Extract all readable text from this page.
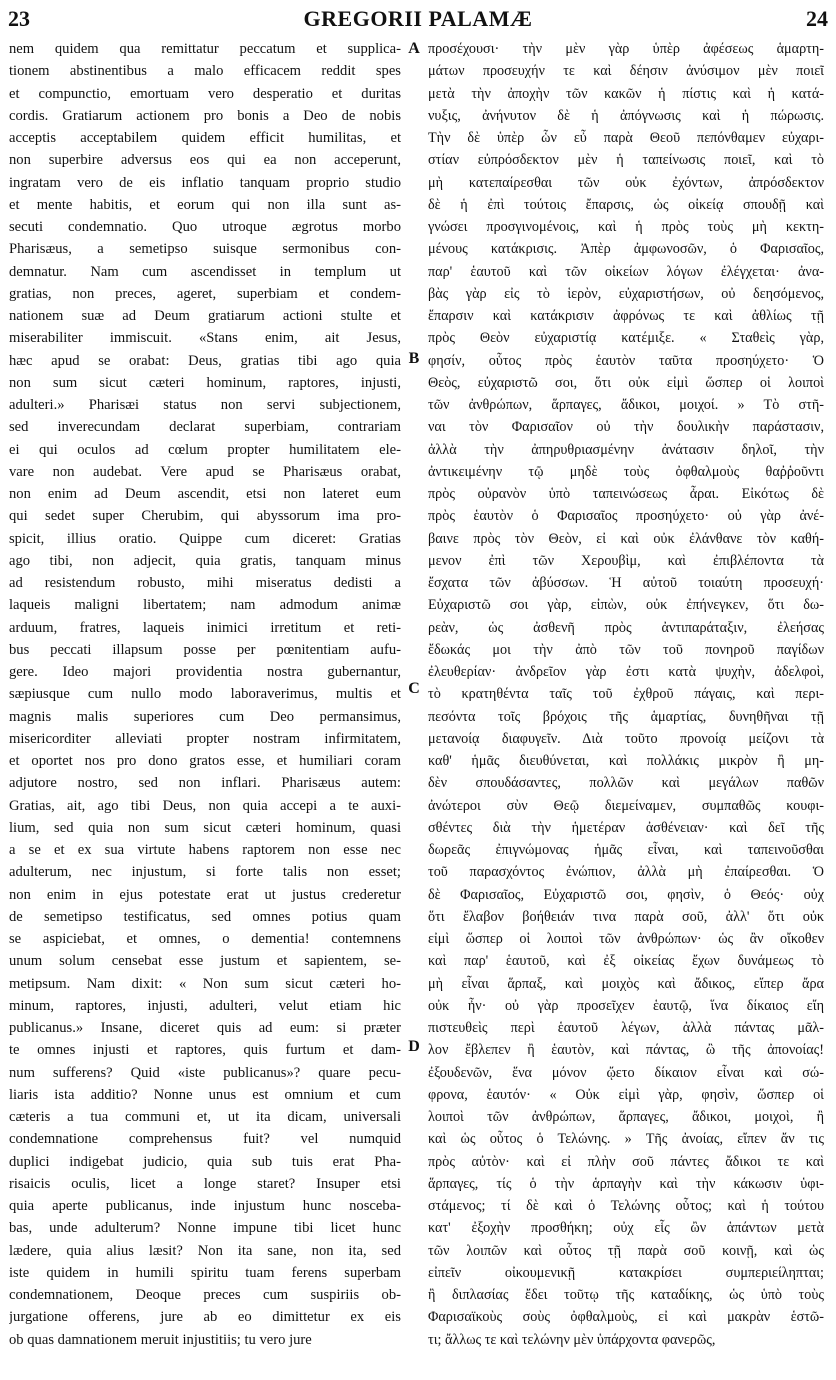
23	GREGORII PALAMÆ	24
nem quidem qua remittatur peccatum et supplica-
tionem abstinentibus a malo efficacem reddit spes
et compunctio, emortuam vero desperatio et duritas
cordis. Gratiarum actionem pro bonis a Deo de nobis
acceptis acceptabilem quidem efficit humilitas, et
non superbire adversus eos qui ea non acceperunt,
ingratam vero de eis inflatio tanquam proprio studio
et mente habitis, et eorum qui non illa sunt as-
secuti condemnatio. Quo utroque ægrotus morbo
Pharisæus, a semetipso suisque sermonibus con-
demnatur. Nam cum ascendisset in templum ut
gratias, non preces, ageret, superbiam et condem-
nationem suæ ad Deum gratiarum actioni stulte et
miserabiliter immiscuit. «Stans enim, ait Jesus,
hæc apud se orabat: Deus, gratias tibi ago quia
non sum sicut cæteri hominum, raptores, injusti,
adulteri.» Pharisæi status non servi subjectionem,
sed inverecundam declarat superbiam, contrariam
ei qui oculos ad cœlum propter humilitatem ele-
vare non audebat. Vere apud se Pharisæus orabat,
non enim ad Deum ascendit, etsi non lateret eum
qui sedet super Cherubim, qui abyssorum ima pro-
spicit, illius oratio. Quippe cum diceret: Gratias
ago tibi, non adjecit, quia gratis, tanquam minus
ad resistendum robusto, mihi miseratus dedisti a
laqueis maligni libertatem; nam admodum animæ
arduum, fratres, laqueis inimici irretitum et reti-
bus peccati illapsum posse per pœnitentiam aufu-
gere. Ideo majori providentia nostra gubernantur,
sæpiusque cum nullo modo laboraverimus, multis et
magnis malis superiores cum Deo permansimus,
misericorditer alleviati propter nostram infirmitatem,
et oportet nos pro dono gratos esse, et humiliari coram
adjutore nostro, sed non inflari. Pharisæus autem:
Gratias, ait, ago tibi Deus, non quia accepi a te auxi-
lium, sed quia non sum sicut cæteri hominum, quasi
a se et ex sua virtute habens raptorem non esse nec
adulterum, nec injustum, si forte talis non esset;
non enim in ejus potestate erat ut justus crederetur
de semetipso testificatus, sed omnes potius quam
se aspiciebat, et omnes, o dementia! contemnens
unum solum censebat esse justum et sapientem, se-
metipsum. Nam dixit: « Non sum sicut cæteri ho-
minum, raptores, injusti, adulteri, velut etiam hic
publicanus.» Insane, diceret quis ad eum: si præter
te omnes injusti et raptores, quis furtum et dam-
num sufferens? Quid «iste publicanus»? quare pecu-
liaris ista additio? Nonne unus est omnium et cum
cæteris a tua communi et, ut ita dicam, universali
condemnatione comprehensus fuit? vel numquid
duplici indigebat judicio, quia sub tuis erat Pha-
risaicis oculis, licet a longe staret? Insuper etsi
quia aperte publicanus, inde injustum hunc nosceba-
bas, unde adulterum? Nonne impune tibi licet hunc
lædere, quia alius læsit? Non ita sane, non ita, sed
iste quidem in humili spiritu tuam ferens superbam
condemnationem, Deoque preces cum suspiriis ob-
jurgatione offerens, jure ab eo dimittetur ex eis
ob quas damnationem meruit injustitiis; tu vero jure
προσέχουσι· τὴν μὲν γὰρ ὑπὲρ ἀφέσεως ἁμαρτη-
μάτων προσευχήν τε καὶ δέησιν ἀνύσιμον μὲν ποιεῖ
μετὰ τὴν ἀποχὴν τῶν κακῶν ἡ πίστις καὶ ἡ κατά-
νυξις, ἀνήνυτον δὲ ἡ ἀπόγνωσις καὶ ἡ πώρωσις.
Τὴν δὲ ὑπὲρ ὧν εὖ παρὰ Θεοῦ πεπόνθαμεν εὐχαρι-
στίαν εὐπρόσδεκτον μὲν ἡ ταπείνωσις ποιεῖ, καὶ τὸ
μὴ κατεπαίρεσθαι τῶν οὐκ ἐχόντων, ἀπρόσδεκτον
δὲ ἡ ἐπὶ τούτοις ἔπαρσις, ὡς οἰκείᾳ σπουδῇ καὶ
γνώσει προσγινομένοις, καὶ ἡ πρὸς τοὺς μὴ κεκτη-
μένους κατάκρισις. Ἀπὲρ ἀμφωνοσῶν, ὁ Φαρισαῖος,
παρ' ἑαυτοῦ καὶ τῶν οἰκείων λόγων ἐλέγχεται· ἀνα-
βὰς γὰρ εἰς τὸ ἱερὸν, εὐχαριστήσων, οὐ δεησόμενος,
ἔπαρσιν καὶ κατάκρισιν ἀφρόνως τε καὶ ἀθλίως τῇ
πρὸς Θεὸν εὐχαριστίᾳ κατέμιξε. « Σταθεὶς γὰρ,
φησίν, οὗτος πρὸς ἑαυτὸν ταῦτα προσηύχετο· Ὁ
Θεὸς, εὐχαριστῶ σοι, ὅτι οὐκ εἰμὶ ὥσπερ οἱ λοιποὶ
τῶν ἀνθρώπων, ἅρπαγες, ἄδικοι, μοιχοί. » Τὸ στῆ-
ναι τὸν Φαρισαῖον οὐ τὴν δουλικὴν παράστασιν,
ἀλλὰ τὴν ἀπηρυθριασμένην ἀνάτασιν δηλοῖ, τὴν
ἀντικειμένην τῷ μηδὲ τοὺς ὀφθαλμοὺς θαῤῥοῦντι
πρὸς οὐρανὸν ὑπὸ ταπεινώσεως ἆραι. Εἰκότως δὲ
πρὸς ἑαυτὸν ὁ Φαρισαῖος προσηύχετο· οὐ γὰρ ἀνέ-
βαινε πρὸς τὸν Θεὸν, εἰ καὶ οὐκ ἐλάνθανε τὸν καθή-
μενον ἐπὶ τῶν Χερουβὶμ, καὶ ἐπιβλέποντα τὰ
ἔσχατα τῶν ἀβύσσων. Ἡ αὐτοῦ τοιαύτη προσευχή·
Εὐχαριστῶ σοι γὰρ, εἰπὼν, οὐκ ἐπήνεγκεν, ὅτι δω-
ρεὰν, ὡς ἀσθενῆ πρὸς ἀντιπαράταξιν, ἐλεήσας
ἔδωκάς μοι τὴν ἀπὸ τῶν τοῦ πονηροῦ παγίδων
ἐλευθερίαν· ἀνδρεῖον γὰρ ἐστι κατὰ ψυχὴν, ἀδελφοὶ,
τὸ κρατηθέντα ταῖς τοῦ ἐχθροῦ πάγαις, καὶ περι-
πεσόντα τοῖς βρόχοις τῆς ἁμαρτίας, δυνηθῆναι τῇ
μετανοίᾳ διαφυγεῖν. Διὰ τοῦτο προνοίᾳ μείζονι τὰ
καθ' ἡμᾶς διευθύνεται, καὶ πολλάκις μικρὸν ἢ μη-
δὲν σπουδάσαντες, πολλῶν καὶ μεγάλων παθῶν
ἀνώτεροι σὺν Θεῷ διεμείναμεν, συμπαθῶς κουφι-
σθέντες διὰ τὴν ἡμετέραν ἀσθένειαν· καὶ δεῖ τῆς
δωρεᾶς ἐπιγνώμονας ἡμᾶς εἶναι, καὶ ταπεινοῦσθαι
τοῦ παρασχόντος ἐνώπιον, ἀλλὰ μὴ ἐπαίρεσθαι. Ὁ
δὲ Φαρισαῖος, Εὐχαριστῶ σοι, φησὶν, ὁ Θεός· οὐχ
ὅτι ἔλαβον βοήθειάν τινα παρὰ σοῦ, ἀλλ' ὅτι οὐκ
εἰμὶ ὥσπερ οἱ λοιποὶ τῶν ἀνθρώπων· ὡς ἂν οἴκοθεν
καὶ παρ' ἑαυτοῦ, καὶ ἐξ οἰκείας ἔχων δυνάμεως τὸ
μὴ εἶναι ἅρπαξ, καὶ μοιχὸς καὶ ἄδικος, εἴπερ ἄρα
οὐκ ἦν· οὐ γὰρ προσεῖχεν ἑαυτῷ, ἵνα δίκαιος εἴη
πιστευθεὶς περὶ ἑαυτοῦ λέγων, ἀλλὰ πάντας μᾶλ-
λον ἔβλεπεν ἢ ἑαυτὸν, καὶ πάντας, ὢ τῆς ἀπονοίας!
ἐξουδενῶν, ἕνα μόνον ᾤετο δίκαιον εἶναι καὶ σώ-
φρονα, ἑαυτόν· « Οὐκ εἰμὶ γὰρ, φησὶν, ὥσπερ οἱ
λοιποὶ τῶν ἀνθρώπων, ἅρπαγες, ἄδικοι, μοιχοὶ, ἢ
καὶ ὡς οὗτος ὁ Τελώνης. » Τῆς ἀνοίας, εἴπεν ἄν τις
πρὸς αὐτὸν· καὶ εἰ πλὴν σοῦ πάντες ἄδικοι τε καὶ
ἅρπαγες, τίς ὁ τὴν ἁρπαγὴν καὶ τὴν κάκωσιν ὑφι-
στάμενος; τί δὲ καὶ ὁ Τελώνης οὗτος; καὶ ἡ τούτου
κατ' ἐξοχὴν προσθήκη; οὐχ εἷς ὢν ἁπάντων μετὰ
τῶν λοιπῶν καὶ οὗτος τῇ παρὰ σοῦ κοινῇ, καὶ ὡς
εἰπεῖν οἰκουμενικῇ κατακρίσει συμπεριείληπται;
ἢ διπλασίας ἔδει τοῦτῳ τῆς καταδίκης, ὡς ὑπὸ τοὺς
Φαρισαϊκοὺς σοὺς ὀφθαλμοὺς, εἰ καὶ μακρὰν ἑστῶ-
τι; ἄλλως τε καὶ τελώνην μὲν ὑπάρχοντα φανερῶς,
A
B
C
D
